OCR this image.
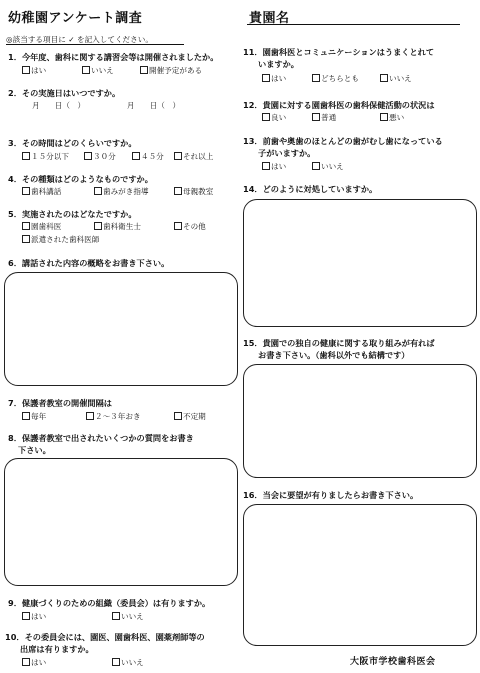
幼稚園アンケート調査	貴園名
◎該当する項目に ✓ を記入してください。
1．今年度、歯科に関する講習会等は開催されましたか。
はい	いいえ	開催予定がある
2．その実施日はいつですか。
月　　日（　）　　　　　　月　　日（　）
3．その時間はどのくらいですか。
１５分以下	３０分	４５分	それ以上
4．その種類はどのようなものですか。
歯科講話	歯みがき指導	母親教室
5．実施されたのはどなたですか。
園歯科医	歯科衛生士	その他
派遣された歯科医師
6．講話された内容の概略をお書き下さい。
7．保護者教室の開催間隔は
毎年	２～３年おき	不定期
8．保護者教室で出されたいくつかの質問をお書き
下さい。
9．健康づくりのための組織（委員会）は有りますか。
はい	いいえ
10．その委員会には、園医、園歯科医、園薬剤師等の
出席は有りますか。
はい	いいえ
11．園歯科医とコミュニケーションはうまくとれて
いますか。
はい	どちらとも	いいえ
12．貴園に対する園歯科医の歯科保健活動の状況は
良い	普通	悪い
13．前歯や奥歯のほとんどの歯がむし歯になっている
子がいますか。
はい	いいえ
14．どのように対処していますか。
15．貴園での独自の健康に関する取り組みが有れば
お書き下さい。（歯科以外でも結構です）
16．当会に要望が有りましたらお書き下さい。
大阪市学校歯科医会
